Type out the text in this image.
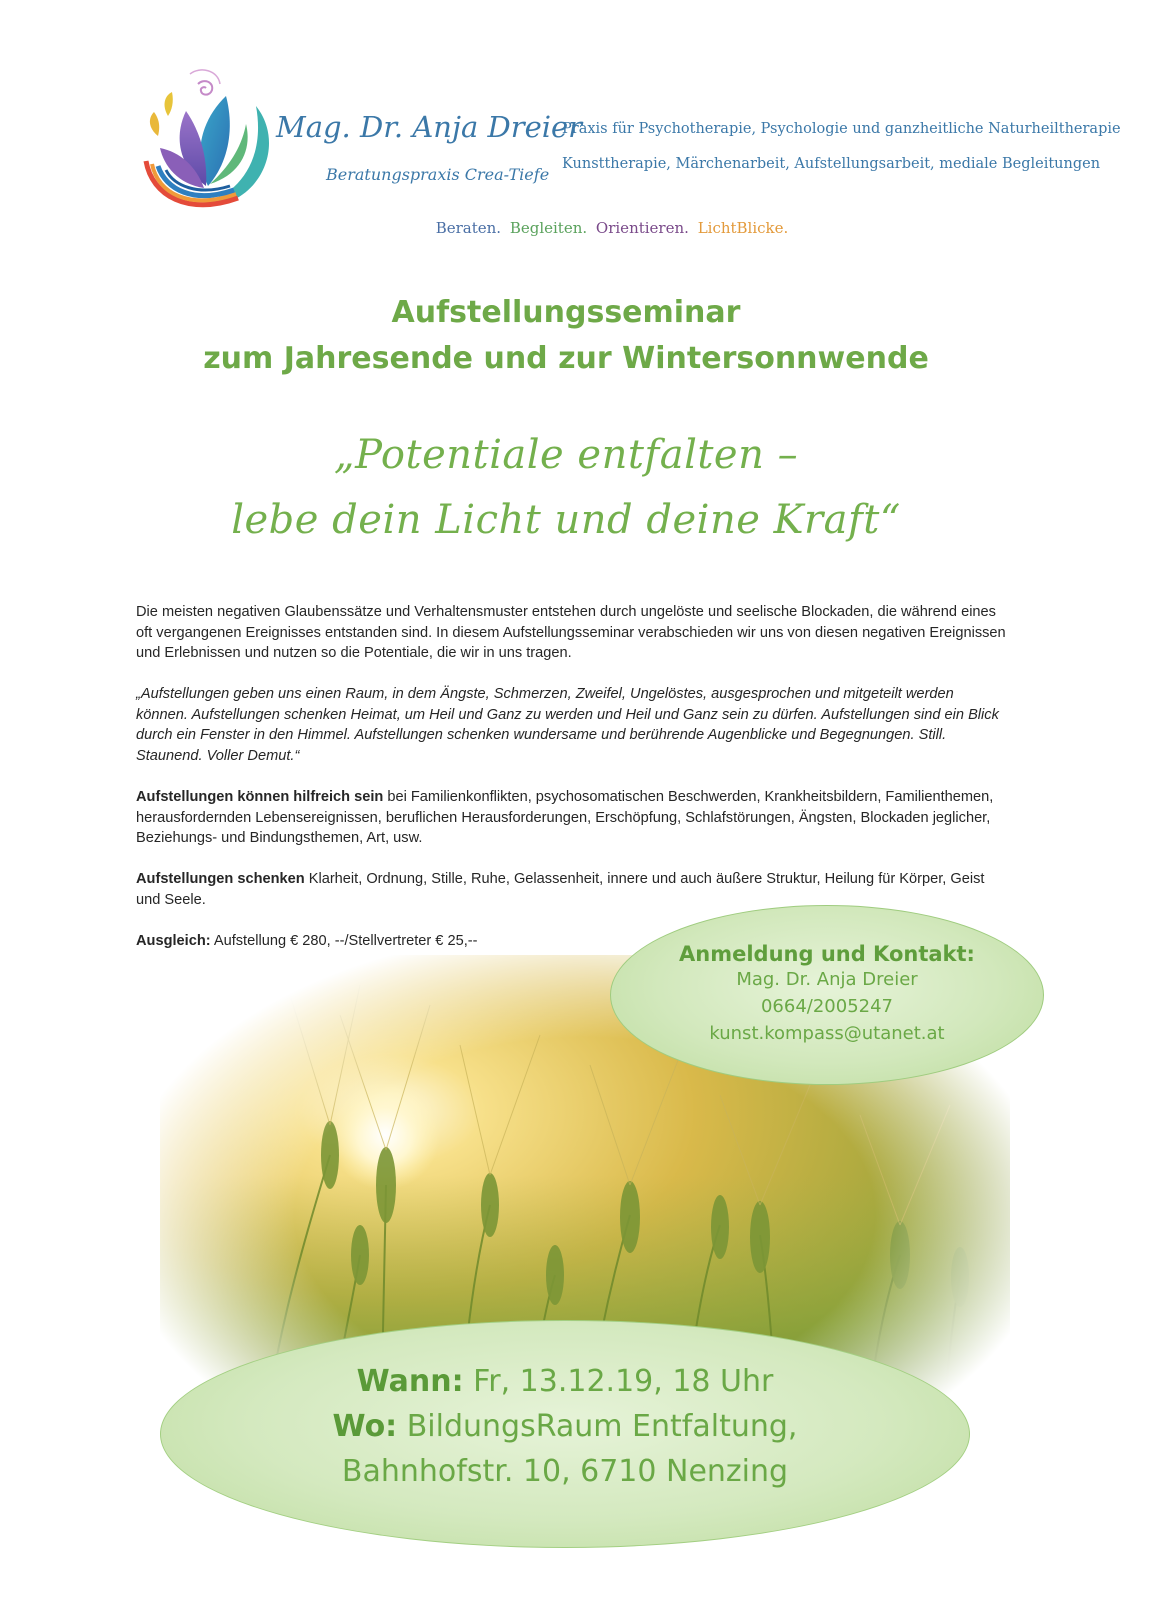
Mag. Dr. Anja Dreier
Beratungspraxis Crea-Tiefe
Praxis für Psychotherapie, Psychologie und ganzheitliche Naturheiltherapie
Kunsttherapie, Märchenarbeit, Aufstellungsarbeit, mediale Begleitungen
Beraten. Begleiten. Orientieren. LichtBlicke.
Aufstellungsseminar
zum Jahresende und zur Wintersonnwende
„Potentiale entfalten –
lebe dein Licht und deine Kraft“
Die meisten negativen Glaubenssätze und Verhaltensmuster entstehen durch ungelöste und seelische Blockaden, die während eines oft vergangenen Ereignisses entstanden sind. In diesem Aufstellungsseminar verabschieden wir uns von diesen negativen Ereignissen und Erlebnissen und nutzen so die Potentiale, die wir in uns tragen.
„Aufstellungen geben uns einen Raum, in dem Ängste, Schmerzen, Zweifel, Ungelöstes, ausgesprochen und mitgeteilt werden können. Aufstellungen schenken Heimat, um Heil und Ganz zu werden und Heil und Ganz sein zu dürfen. Aufstellungen sind ein Blick durch ein Fenster in den Himmel. Aufstellungen schenken wundersame und berührende Augenblicke und Begegnungen. Still. Staunend. Voller Demut.“
Aufstellungen können hilfreich sein bei Familienkonflikten, psychosomatischen Beschwerden, Krankheitsbildern, Familienthemen, herausfordernden Lebensereignissen, beruflichen Herausforderungen, Erschöpfung, Schlafstörungen, Ängsten, Blockaden jeglicher, Beziehungs- und Bindungsthemen, Art, usw.
Aufstellungen schenken Klarheit, Ordnung, Stille, Ruhe, Gelassenheit, innere und auch äußere Struktur, Heilung für Körper, Geist und Seele.
Ausgleich: Aufstellung € 280, --/Stellvertreter € 25,--
Anmeldung und Kontakt:
Mag. Dr. Anja Dreier
0664/2005247
kunst.kompass@utanet.at
Wann: Fr, 13.12.19, 18 Uhr
Wo: BildungsRaum Entfaltung,
Bahnhofstr. 10, 6710 Nenzing
